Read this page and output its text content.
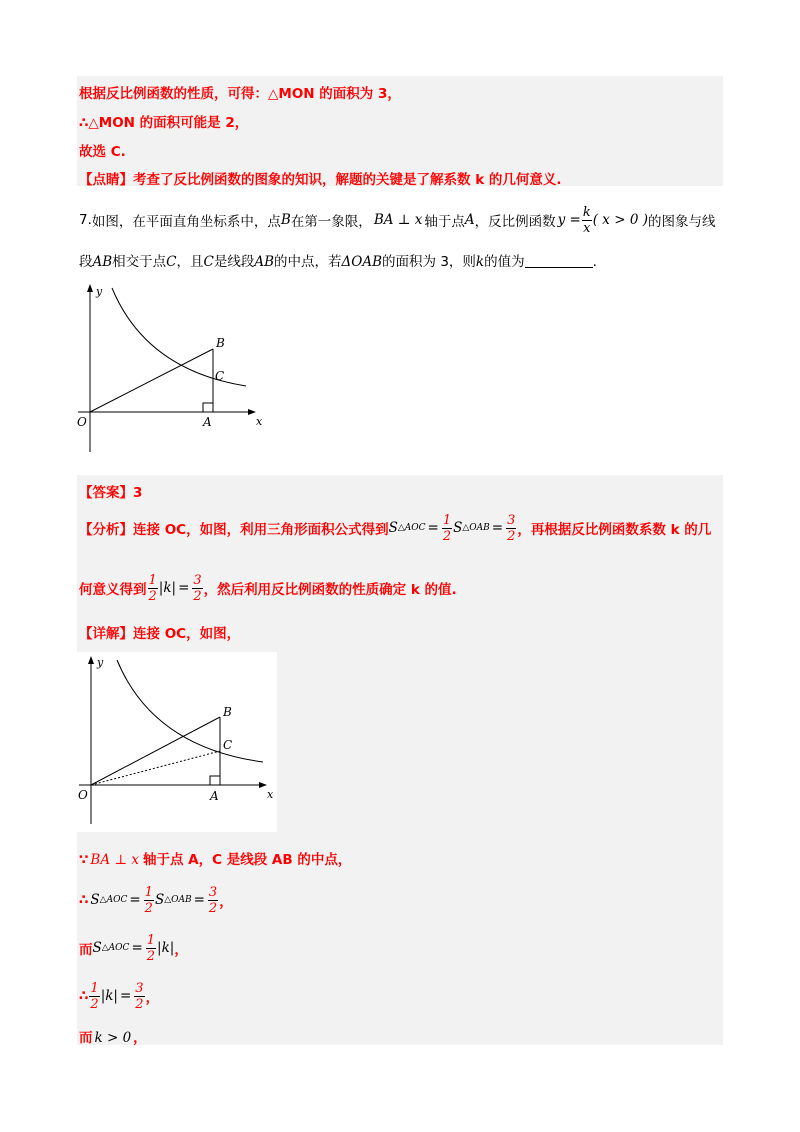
根据反比例函数的性质，可得：△MON 的面积为 3，
∴△MON 的面积可能是 2，
故选 C.
【点睛】考查了反比例函数的图象的知识，解题的关键是了解系数 k 的几何意义.
7. 如图，在平面直角坐标系中，点 B 在第一象限， BA ⊥ x 轴于点 A ，反比例函数 $y = \frac{k}{x}$ ( x > 0 ) 的图象与线
段AB相交于点C，且C是线段AB的中点，若ΔOAB的面积为 3，则k的值为	.
y
x
O	A
B
C
【答案】3
【分析】 连接 OC，如图，利用三角形面积公式得到 S △AOC = $\frac{1}{2}$ S △OAB = $\frac{3}{2}$ ，再根据反比例函数系数 k 的几
何意义得到 $\frac{1}{2} |k| = \frac{3}{2}$ ，然后利用反比例函数的性质确定 k 的值.
【详解】连接 OC，如图，
y
x
O	A
B
C
∵ BA ⊥ x 轴于点 A，C 是线段 AB 的中点，
∴ S △AOC = $\frac{1}{2}$ S △OAB = $\frac{3}{2}$ ，
而 S △AOC = $\frac{1}{2} |k|$ ，
∴ $\frac{1}{2} |k| = \frac{3}{2}$ ，
而 k > 0 ，
